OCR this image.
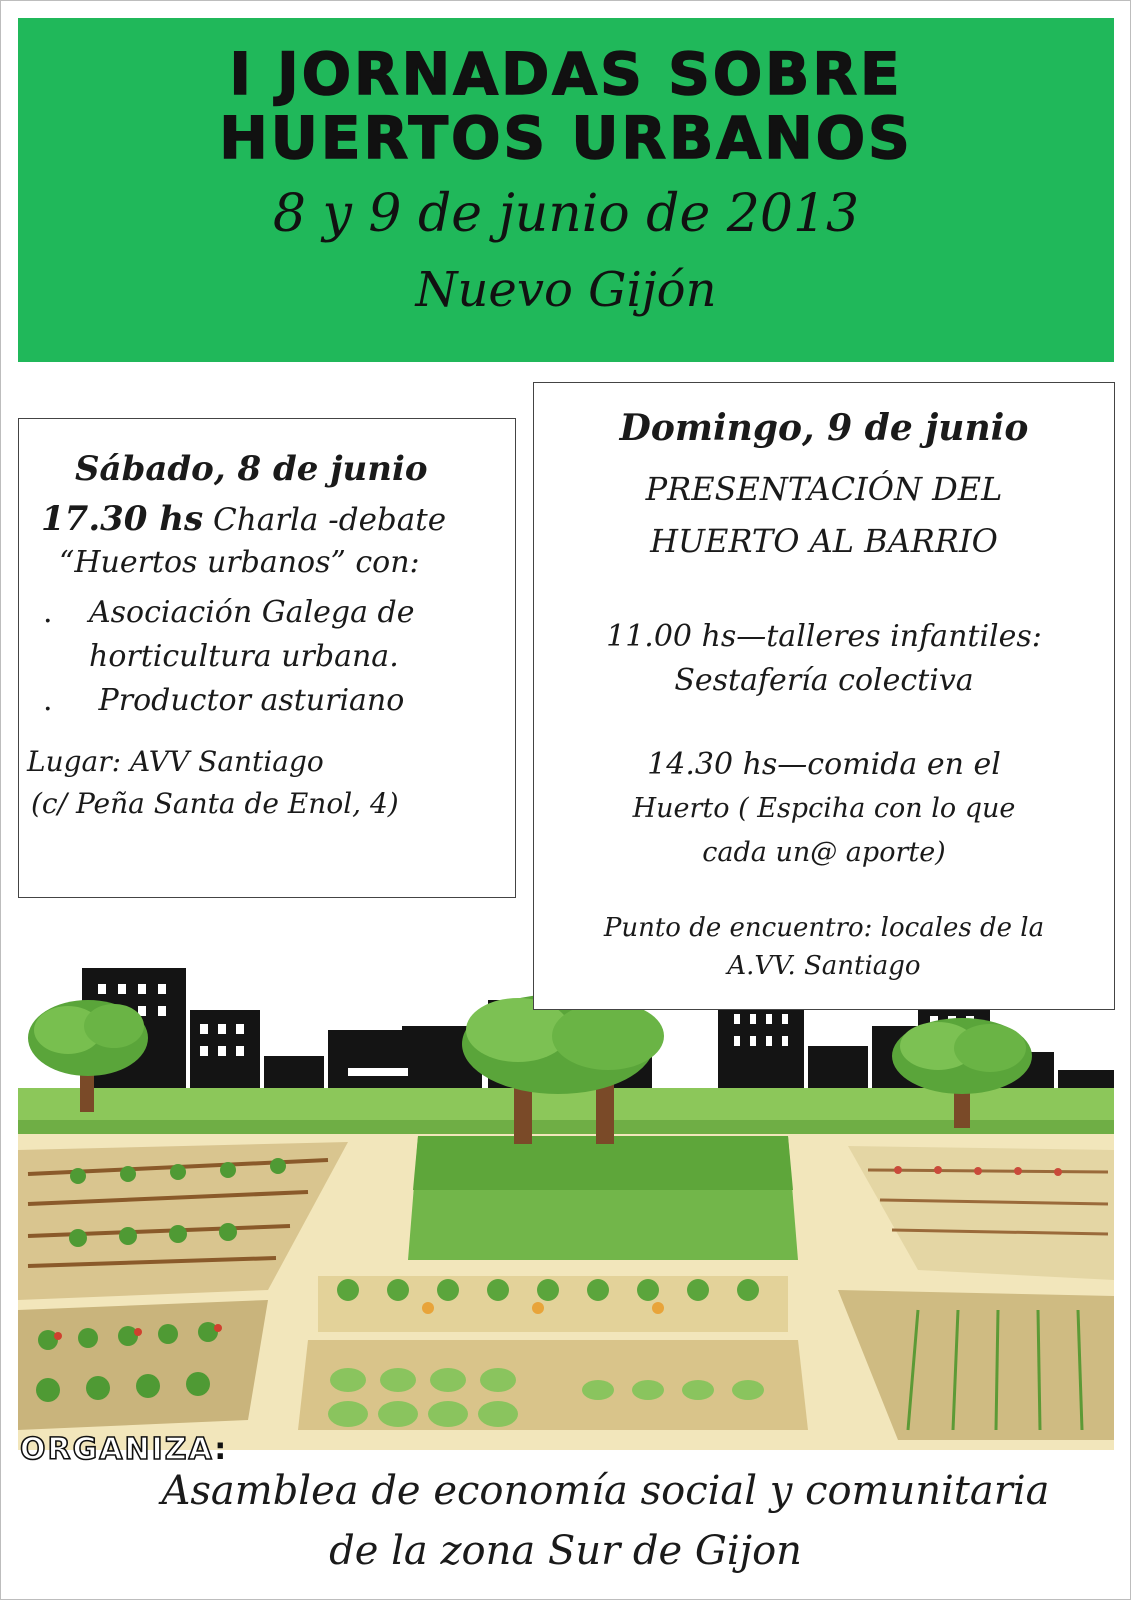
I JORNADAS SOBRE
HUERTOS URBANOS
8 y 9 de junio de 2013
Nuevo Gijón
Sábado, 8 de junio
17.30 hs Charla -debate
“Huertos urbanos” con:
. Asociación Galega de
horticultura urbana.
. Productor asturiano
Lugar: AVV Santiago
(c/ Peña Santa de Enol, 4)
Domingo, 9 de junio
PRESENTACIÓN DEL
HUERTO AL BARRIO
11.00 hs—talleres infantiles:
Sestafería colectiva
14.30 hs—comida en el
Huerto ( Espciha con lo que
cada un@ aporte)
Punto de encuentro: locales de la
A.VV. Santiago
ORGANIZA:
Asamblea de economía social y comunitaria
de la zona Sur de Gijon
